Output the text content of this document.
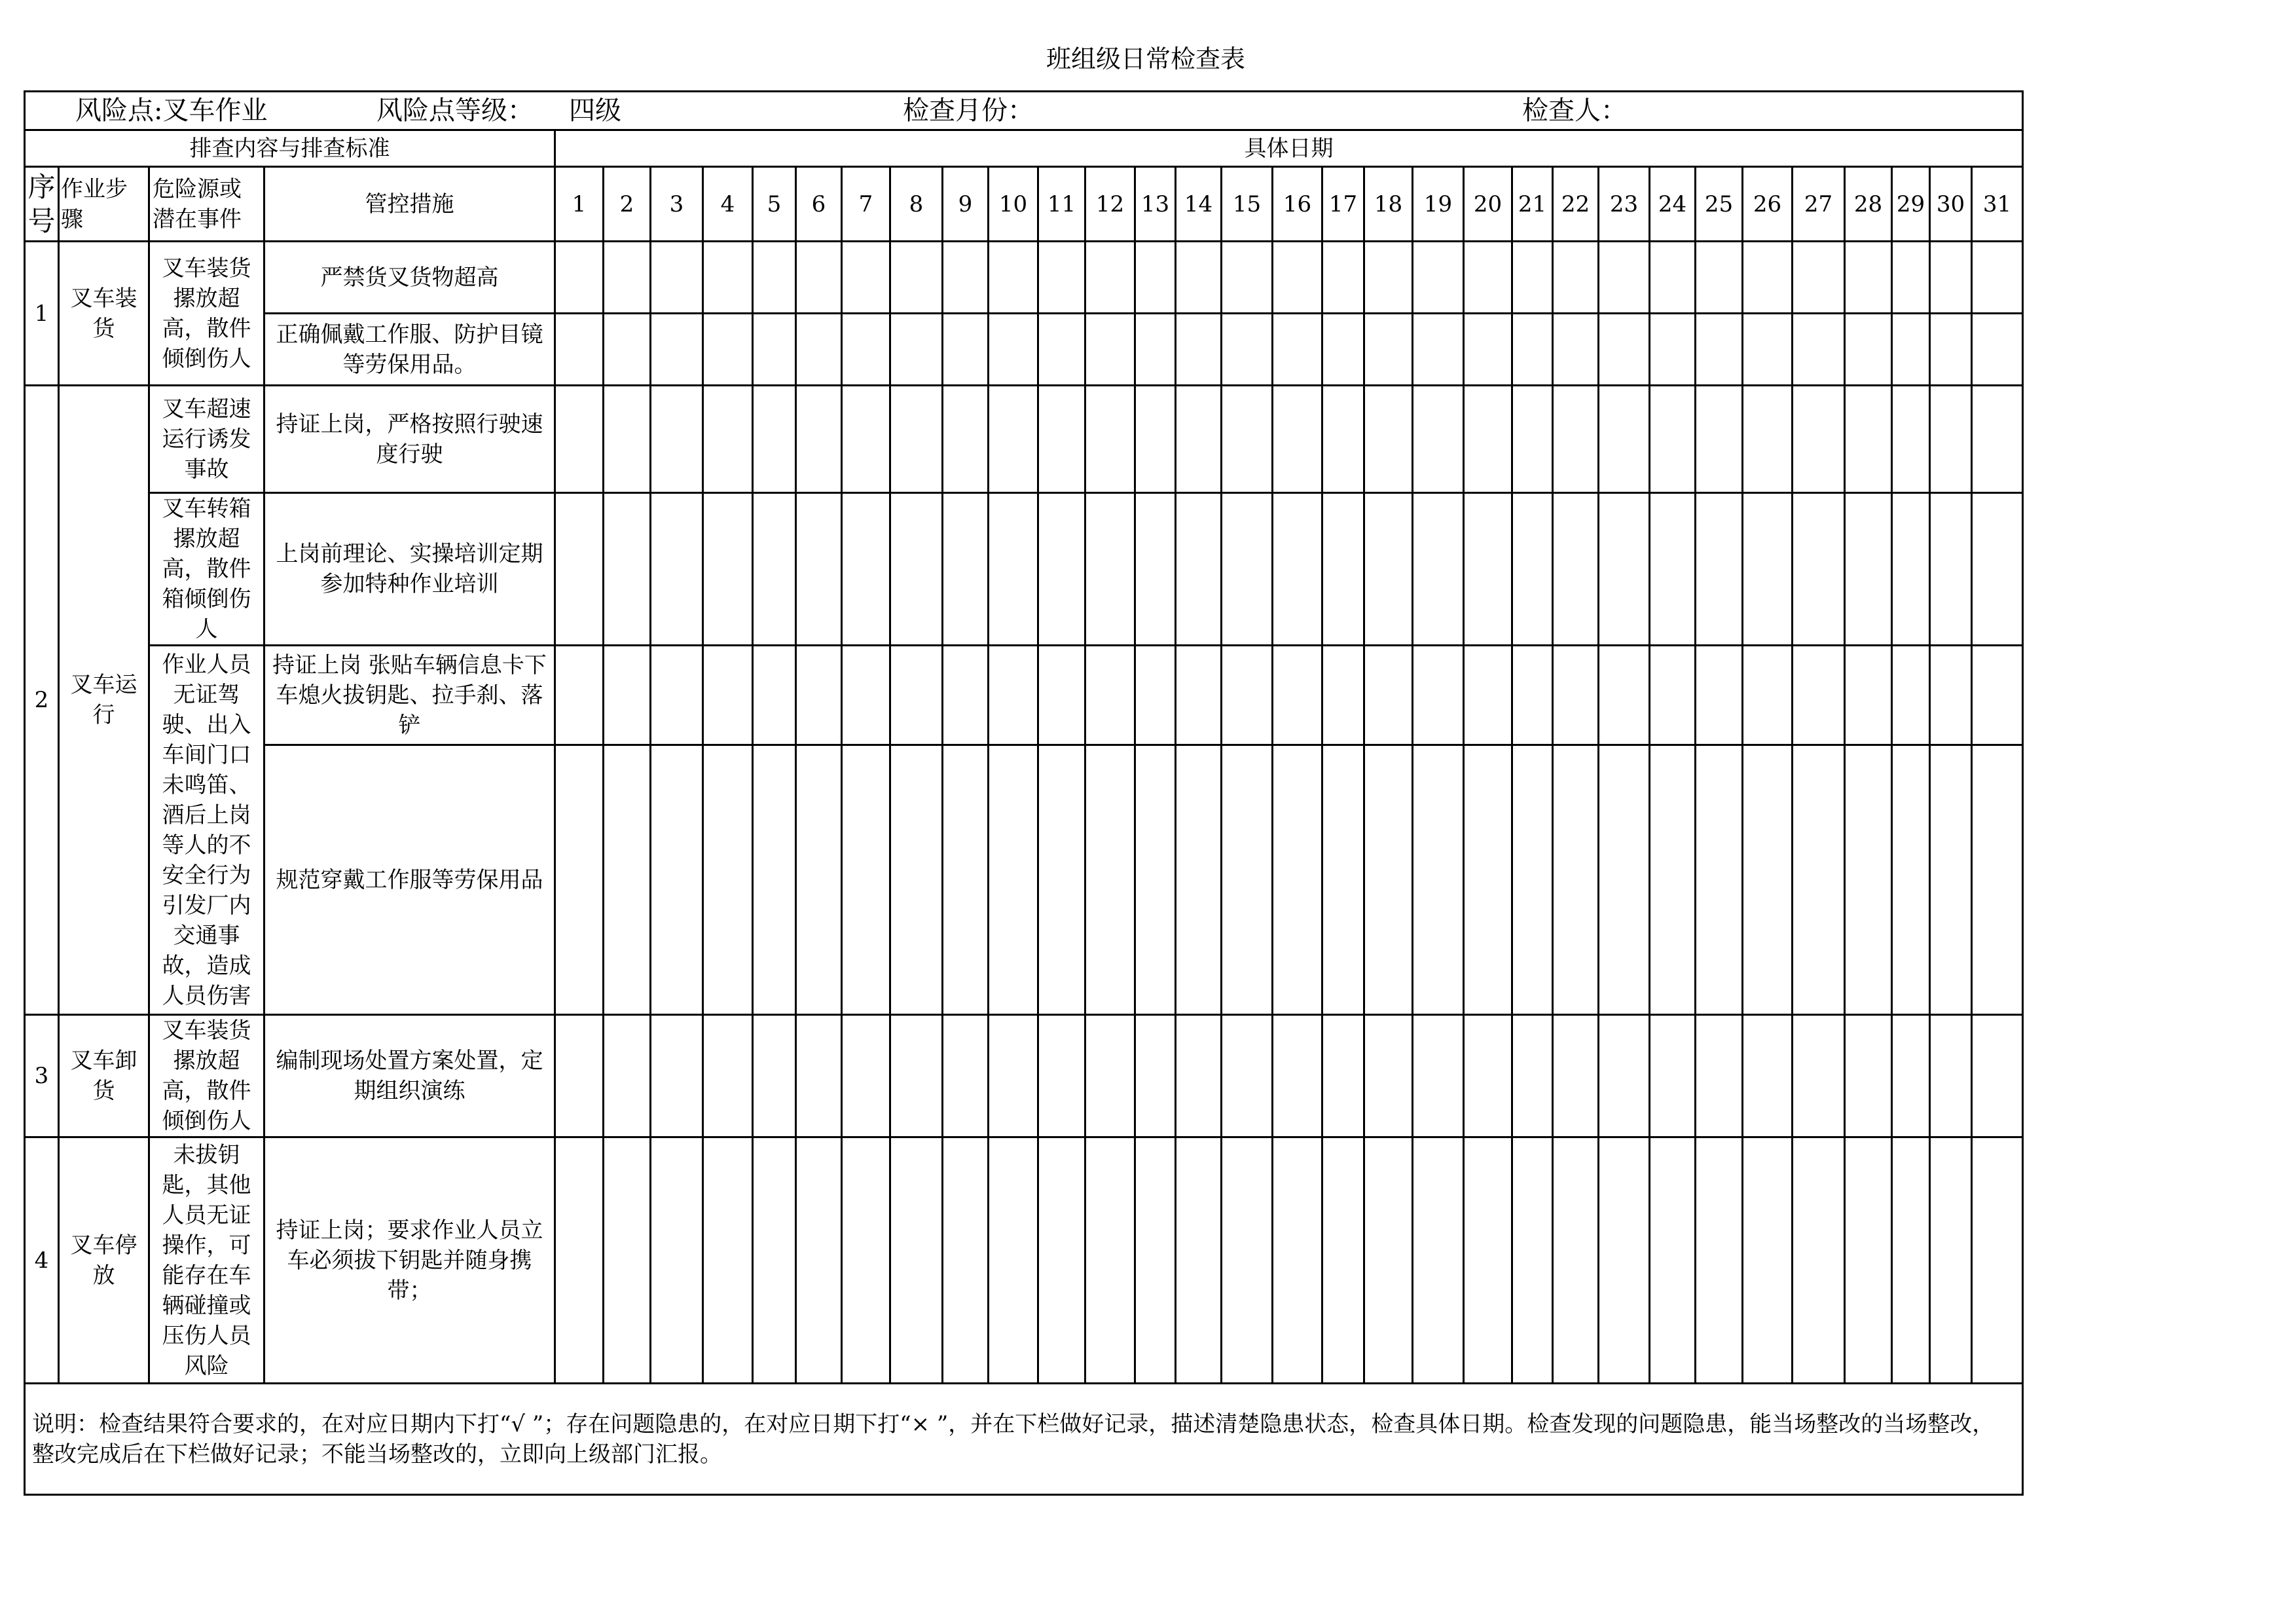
班组级日常检查表
风险点:叉车作业 风险点等级： 四级 检查月份： 检查人：																																		

排查内容与排查标准				具体日期																														

序号	作业步骤	危险源或潜在事件	管控措施	1	2	3	4	5	6	7	8	9	10	11	12	13	14	15	16	17	18	19	20	21	22	23	24	25	26	27	28	29	30	31
1	叉车装货	叉车装货摞放超高，散件倾倒伤人	严禁货叉货物超高																															

			正确佩戴工作服、防护目镜等劳保用品。																															

2	叉车运行	叉车超速运行诱发事故	持证上岗，严格按照行驶速度行驶																															

		叉车转箱摞放超高，散件箱倾倒伤人	上岗前理论、实操培训定期参加特种作业培训																															

		作业人员无证驾驶、出入车间门口未鸣笛、酒后上岗等人的不安全行为引发厂内交通事故，造成人员伤害	持证上岗 张贴车辆信息卡下车熄火拔钥匙、拉手刹、落铲																															

			规范穿戴工作服等劳保用品																															

3	叉车卸货	叉车装货摞放超高，散件倾倒伤人	编制现场处置方案处置，定期组织演练																															

4	叉车停放	未拔钥匙，其他人员无证操作，可能存在车辆碰撞或压伤人员风险	持证上岗；要求作业人员立车必须拔下钥匙并随身携带；																															

说明：检查结果符合要求的，在对应日期内下打“√ ”；存在问题隐患的，在对应日期下打“× ”，并在下栏做好记录，描述清楚隐患状态，检查具体日期。检查发现的问题隐患，能当场整改的当场整改，整改完成后在下栏做好记录；不能当场整改的，立即向上级部门汇报。																																		
